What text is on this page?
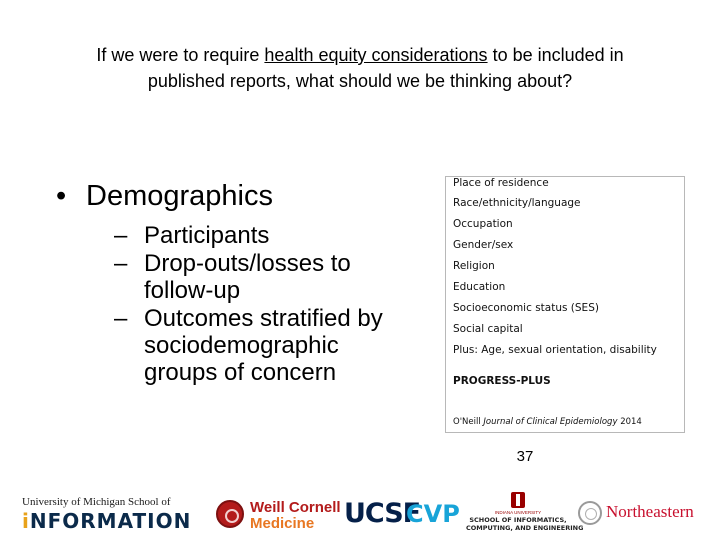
If we were to require health equity considerations to be included in
published reports, what should we be thinking about?
• Demographics
– Participants
– Drop-outs/losses to follow-up
– Outcomes stratified by sociodemographic groups of concern
Place of residence
Race/ethnicity/language
Occupation
Gender/sex
Religion
Education
Socioeconomic status (SES)
Social capital
Plus: Age, sexual orientation, disability
PROGRESS-PLUS
O'Neill Journal of Clinical Epidemiology 2014
37
University of Michigan School of
iNFORMATION
Weill Cornell
Medicine UCSF
CVP	INDIANA UNIVERSITY
SCHOOL OF INFORMATICS,
COMPUTING, AND ENGINEERING
Northeastern
